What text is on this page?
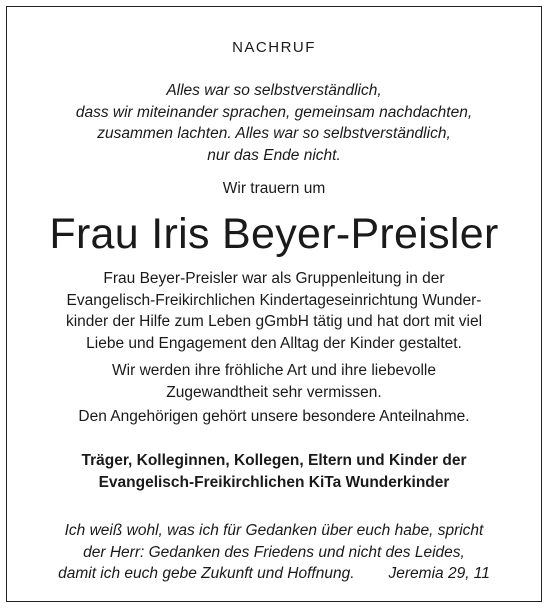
NACHRUF

Alles war so selbstverständlich,
dass wir miteinander sprachen, gemeinsam nachdachten,
zusammen lachten. Alles war so selbstverständlich,
nur das Ende nicht.

Wir trauern um

Frau Iris Beyer-Preisler

Frau Beyer-Preisler war als Gruppenleitung in der
Evangelisch-Freikirchlichen Kindertageseinrichtung Wunder-
kinder der Hilfe zum Leben gGmbH tätig und hat dort mit viel
Liebe und Engagement den Alltag der Kinder gestaltet.

Wir werden ihre fröhliche Art und ihre liebevolle
Zugewandtheit sehr vermissen.

Den Angehörigen gehört unsere besondere Anteilnahme.

Träger, Kolleginnen, Kollegen, Eltern und Kinder der
Evangelisch-Freikirchlichen KiTa Wunderkinder

Ich weiß wohl, was ich für Gedanken über euch habe, spricht
der Herr: Gedanken des Friedens und nicht des Leides,
damit ich euch gebe Zukunft und Hoffnung. Jeremia 29, 11
